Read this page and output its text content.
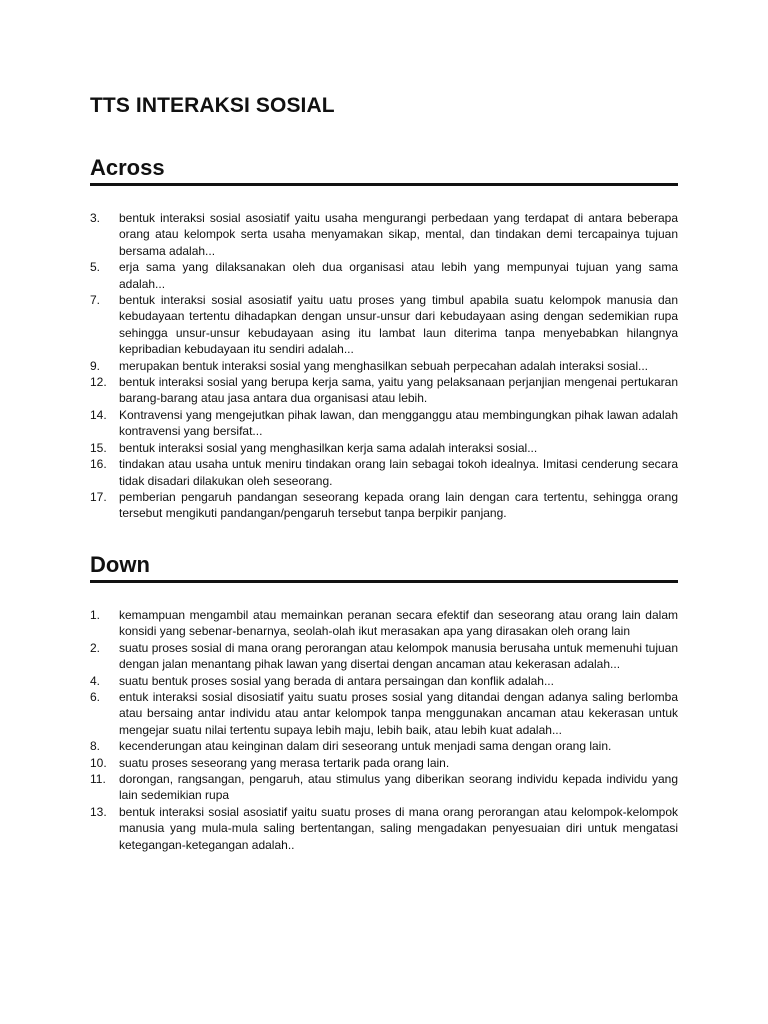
TTS INTERAKSI SOSIAL
Across
3.	bentuk interaksi sosial asosiatif yaitu usaha mengurangi perbedaan yang terdapat di antara beberapa orang atau kelompok serta usaha menyamakan sikap, mental, dan tindakan demi tercapainya tujuan bersama adalah...
5.	erja sama yang dilaksanakan oleh dua organisasi atau lebih yang mempunyai tujuan yang sama adalah...
7.	bentuk interaksi sosial asosiatif yaitu uatu proses yang timbul apabila suatu kelompok manusia dan kebudayaan tertentu dihadapkan dengan unsur-unsur dari kebudayaan asing dengan sedemikian rupa sehingga unsur-unsur kebudayaan asing itu lambat laun diterima tanpa menyebabkan hilangnya kepribadian kebudayaan itu sendiri adalah...
9.	merupakan bentuk interaksi sosial yang menghasilkan sebuah perpecahan adalah interaksi sosial...
12.	bentuk interaksi sosial yang berupa kerja sama, yaitu yang pelaksanaan perjanjian mengenai pertukaran barang-barang atau jasa antara dua organisasi atau lebih.
14.	Kontravensi yang mengejutkan pihak lawan, dan mengganggu atau membingungkan pihak lawan adalah kontravensi yang bersifat...
15.	bentuk interaksi sosial yang menghasilkan kerja sama adalah interaksi sosial...
16.	tindakan atau usaha untuk meniru tindakan orang lain sebagai tokoh idealnya. Imitasi cenderung secara tidak disadari dilakukan oleh seseorang.
17.	pemberian pengaruh pandangan seseorang kepada orang lain dengan cara tertentu, sehingga orang tersebut mengikuti pandangan/pengaruh tersebut tanpa berpikir panjang.
Down
1.	kemampuan mengambil atau memainkan peranan secara efektif dan seseorang atau orang lain dalam konsidi yang sebenar-benarnya, seolah-olah ikut merasakan apa yang dirasakan oleh orang lain
2.	suatu proses sosial di mana orang perorangan atau kelompok manusia berusaha untuk memenuhi tujuan dengan jalan menantang pihak lawan yang disertai dengan ancaman atau kekerasan adalah...
4.	suatu bentuk proses sosial yang berada di antara persaingan dan konflik adalah...
6.	entuk interaksi sosial disosiatif yaitu suatu proses sosial yang ditandai dengan adanya saling berlomba atau bersaing antar individu atau antar kelompok tanpa menggunakan ancaman atau kekerasan untuk mengejar suatu nilai tertentu supaya lebih maju, lebih baik, atau lebih kuat adalah...
8.	kecenderungan atau keinginan dalam diri seseorang untuk menjadi sama dengan orang lain.
10.	suatu proses seseorang yang merasa tertarik pada orang lain.
11.	dorongan, rangsangan, pengaruh, atau stimulus yang diberikan seorang individu kepada individu yang lain sedemikian rupa
13.	bentuk interaksi sosial asosiatif yaitu suatu proses di mana orang perorangan atau kelompok-kelompok manusia yang mula-mula saling bertentangan, saling mengadakan penyesuaian diri untuk mengatasi ketegangan-ketegangan adalah..
